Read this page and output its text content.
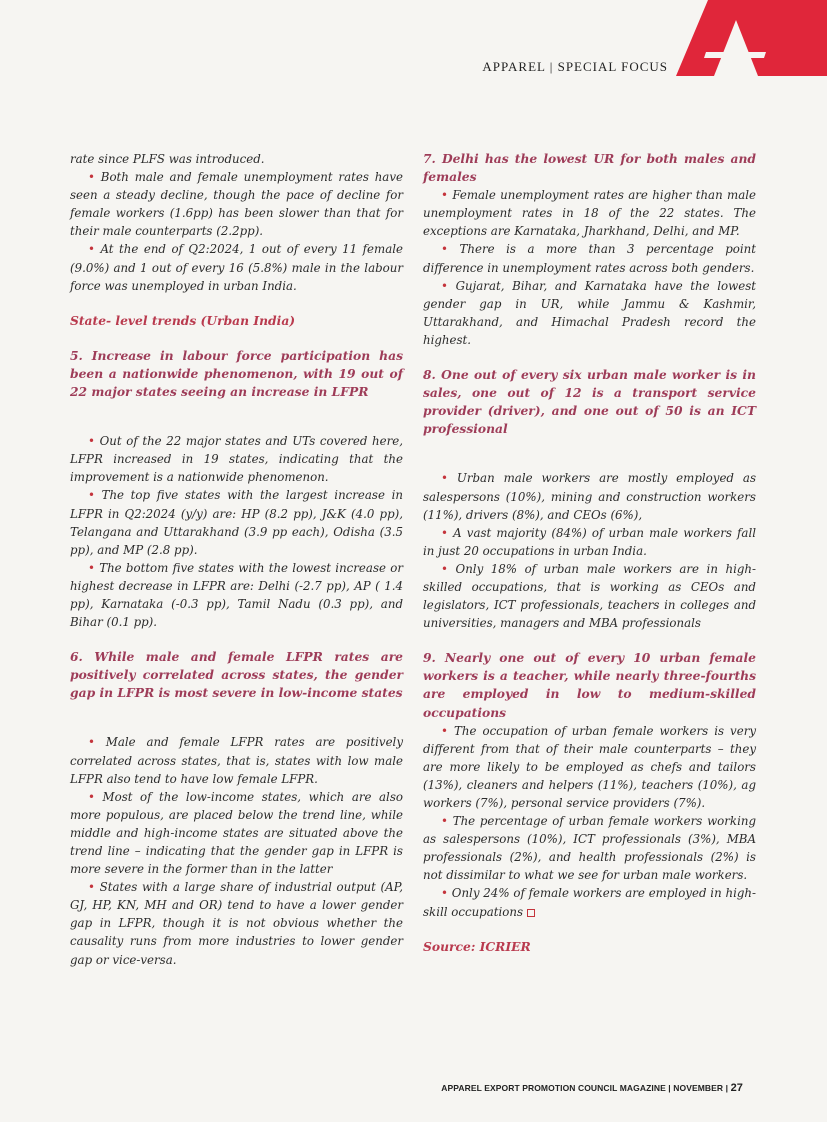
APPAREL | SPECIAL FOCUS

rate since PLFS was introduced.

• Both male and female unemployment rates have seen a steady decline, though the pace of decline for female workers (1.6pp) has been slower than that for their male counterparts (2.2pp).

• At the end of Q2:2024, 1 out of every 11 female (9.0%) and 1 out of every 16 (5.8%) male in the labour force was unemployed in urban India.

State- level trends (Urban India)
5. Increase in labour force participation has been a nationwide phenomenon, with 19 out of 22 major states seeing an increase in LFPR

• Out of the 22 major states and UTs covered here, LFPR increased in 19 states, indicating that the improvement is a nationwide phenomenon.

• The top five states with the largest increase in LFPR in Q2:2024 (y/y) are: HP (8.2 pp), J&K (4.0 pp), Telangana and Uttarakhand (3.9 pp each), Odisha (3.5 pp), and MP (2.8 pp).

• The bottom five states with the lowest increase or highest decrease in LFPR are: Delhi (-2.7 pp), AP ( 1.4 pp), Karnataka (-0.3 pp), Tamil Nadu (0.3 pp), and Bihar (0.1 pp).

6. While male and female LFPR rates are positively correlated across states, the gender gap in LFPR is most severe in low-income states

• Male and female LFPR rates are positively correlated across states, that is, states with low male LFPR also tend to have low female LFPR.

• Most of the low-income states, which are also more populous, are placed below the trend line, while middle and high-income states are situated above the trend line – indicating that the gender gap in LFPR is more severe in the former than in the latter

• States with a large share of industrial output (AP, GJ, HP, KN, MH and OR) tend to have a lower gender gap in LFPR, though it is not obvious whether the causality runs from more industries to lower gender gap or vice-versa.

7. Delhi has the lowest UR for both males and females

• Female unemployment rates are higher than male unemployment rates in 18 of the 22 states. The exceptions are Karnataka, Jharkhand, Delhi, and MP.

• There is a more than 3 percentage point difference in unemployment rates across both genders.

• Gujarat, Bihar, and Karnataka have the lowest gender gap in UR, while Jammu & Kashmir, Uttarakhand, and Himachal Pradesh record the highest.

8. One out of every six urban male worker is in sales, one out of 12 is a transport service provider (driver), and one out of 50 is an ICT professional

• Urban male workers are mostly employed as salespersons (10%), mining and construction workers (11%), drivers (8%), and CEOs (6%),

• A vast majority (84%) of urban male workers fall in just 20 occupations in urban India.

• Only 18% of urban male workers are in high-skilled occupations, that is working as CEOs and legislators, ICT professionals, teachers in colleges and universities, managers and MBA professionals

9. Nearly one out of every 10 urban female workers is a teacher, while nearly three-fourths are employed in low to medium-skilled occupations

• The occupation of urban female workers is very different from that of their male counterparts – they are more likely to be employed as chefs and tailors (13%), cleaners and helpers (11%), teachers (10%), ag workers (7%), personal service providers (7%).

• The percentage of urban female workers working as salespersons (10%), ICT professionals (3%), MBA professionals (2%), and health professionals (2%) is not dissimilar to what we see for urban male workers.

• Only 24% of female workers are employed in high-skill occupations

Source: ICRIER
APPAREL EXPORT PROMOTION COUNCIL MAGAZINE | NOVEMBER | 27
